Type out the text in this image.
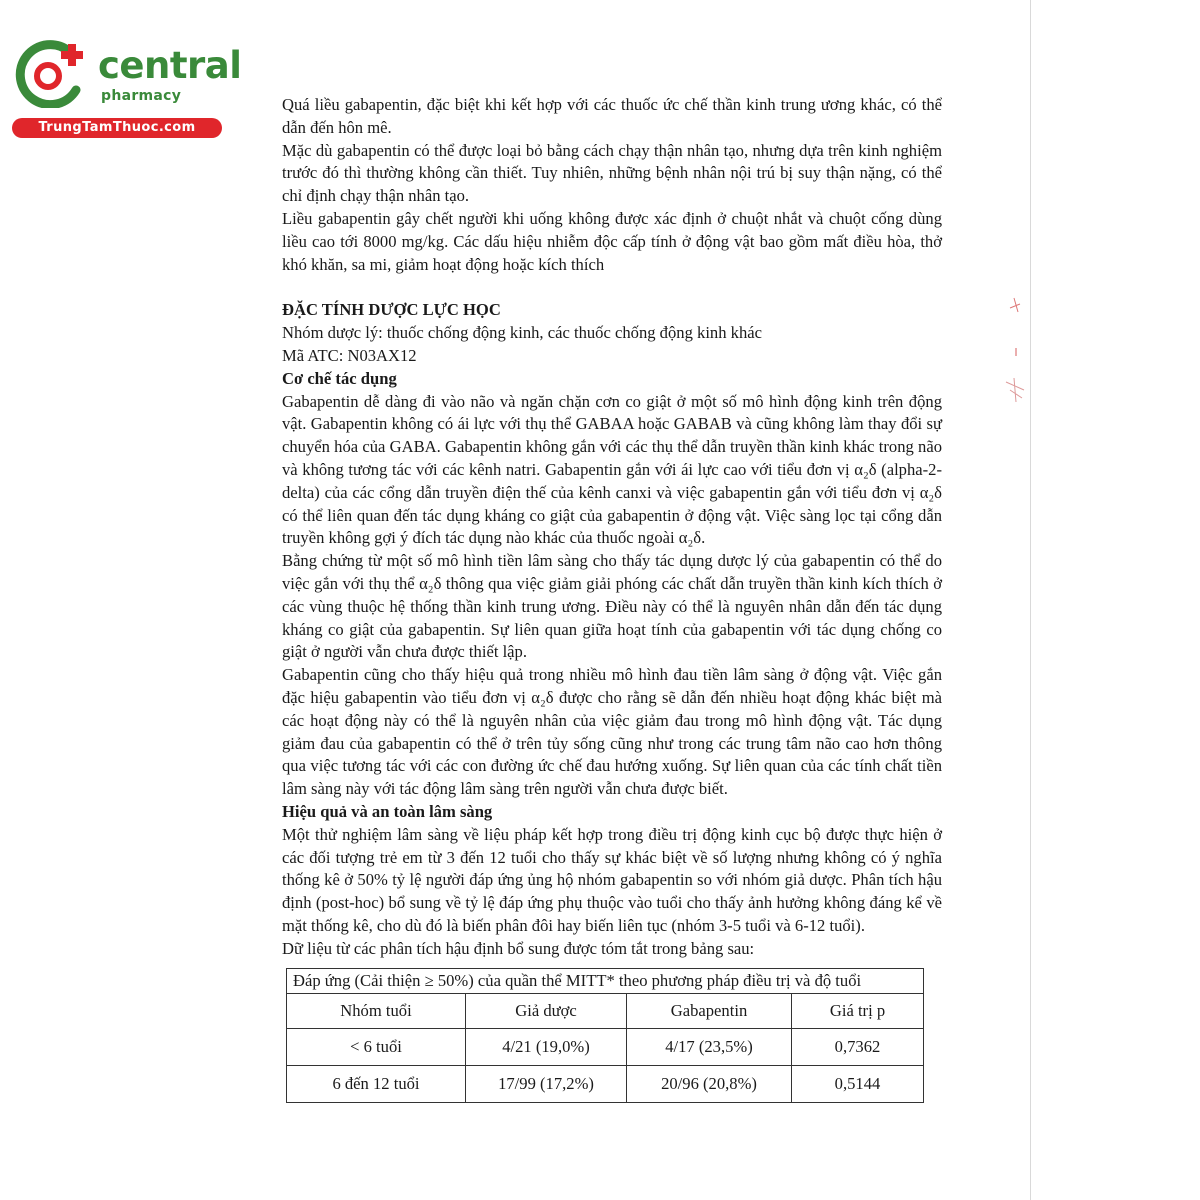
central
pharmacy
TrungTamThuoc.com

Quá liều gabapentin, đặc biệt khi kết hợp với các thuốc ức chế thần kinh trung ương khác, có thể dẫn đến hôn mê.

Mặc dù gabapentin có thể được loại bỏ bằng cách chạy thận nhân tạo, nhưng dựa trên kinh nghiệm trước đó thì thường không cần thiết. Tuy nhiên, những bệnh nhân nội trú bị suy thận nặng, có thể chỉ định chạy thận nhân tạo.

Liều gabapentin gây chết người khi uống không được xác định ở chuột nhắt và chuột cống dùng liều cao tới 8000 mg/kg. Các dấu hiệu nhiễm độc cấp tính ở động vật bao gồm mất điều hòa, thở khó khăn, sa mi, giảm hoạt động hoặc kích thích

ĐẶC TÍNH DƯỢC LỰC HỌC

Nhóm dược lý: thuốc chống động kinh, các thuốc chống động kinh khác

Mã ATC: N03AX12

Cơ chế tác dụng

Gabapentin dễ dàng đi vào não và ngăn chặn cơn co giật ở một số mô hình động kinh trên động vật. Gabapentin không có ái lực với thụ thể GABAA hoặc GABAB và cũng không làm thay đổi sự chuyển hóa của GABA. Gabapentin không gắn với các thụ thể dẫn truyền thần kinh khác trong não và không tương tác với các kênh natri. Gabapentin gắn với ái lực cao với tiểu đơn vị α₂δ (alpha-2-delta) của các cổng dẫn truyền điện thế của kênh canxi và việc gabapentin gắn với tiểu đơn vị α₂δ có thể liên quan đến tác dụng kháng co giật của gabapentin ở động vật. Việc sàng lọc tại cổng dẫn truyền không gợi ý đích tác dụng nào khác của thuốc ngoài α₂δ.

Bằng chứng từ một số mô hình tiền lâm sàng cho thấy tác dụng dược lý của gabapentin có thể do việc gắn với thụ thể α₂δ thông qua việc giảm giải phóng các chất dẫn truyền thần kinh kích thích ở các vùng thuộc hệ thống thần kinh trung ương. Điều này có thể là nguyên nhân dẫn đến tác dụng kháng co giật của gabapentin. Sự liên quan giữa hoạt tính của gabapentin với tác dụng chống co giật ở người vẫn chưa được thiết lập.

Gabapentin cũng cho thấy hiệu quả trong nhiều mô hình đau tiền lâm sàng ở động vật. Việc gắn đặc hiệu gabapentin vào tiểu đơn vị α₂δ được cho rằng sẽ dẫn đến nhiều hoạt động khác biệt mà các hoạt động này có thể là nguyên nhân của việc giảm đau trong mô hình động vật. Tác dụng giảm đau của gabapentin có thể ở trên tủy sống cũng như trong các trung tâm não cao hơn thông qua việc tương tác với các con đường ức chế đau hướng xuống. Sự liên quan của các tính chất tiền lâm sàng này với tác động lâm sàng trên người vẫn chưa được biết.

Hiệu quả và an toàn lâm sàng

Một thử nghiệm lâm sàng về liệu pháp kết hợp trong điều trị động kinh cục bộ được thực hiện ở các đối tượng trẻ em từ 3 đến 12 tuổi cho thấy sự khác biệt về số lượng nhưng không có ý nghĩa thống kê ở 50% tỷ lệ người đáp ứng ủng hộ nhóm gabapentin so với nhóm giả dược. Phân tích hậu định (post-hoc) bổ sung về tỷ lệ đáp ứng phụ thuộc vào tuổi cho thấy ảnh hưởng không đáng kể về mặt thống kê, cho dù đó là biến phân đôi hay biến liên tục (nhóm 3-5 tuổi và 6-12 tuổi).

Dữ liệu từ các phân tích hậu định bổ sung được tóm tắt trong bảng sau:

Đáp ứng (Cải thiện ≥ 50%) của quần thể MITT* theo phương pháp điều trị và độ tuổi			
Nhóm tuổi	Giả dược	Gabapentin	Giá trị p
< 6 tuổi	4/21 (19,0%)	4/17 (23,5%)	0,7362
6 đến 12 tuổi	17/99 (17,2%)	20/96 (20,8%)	0,5144
